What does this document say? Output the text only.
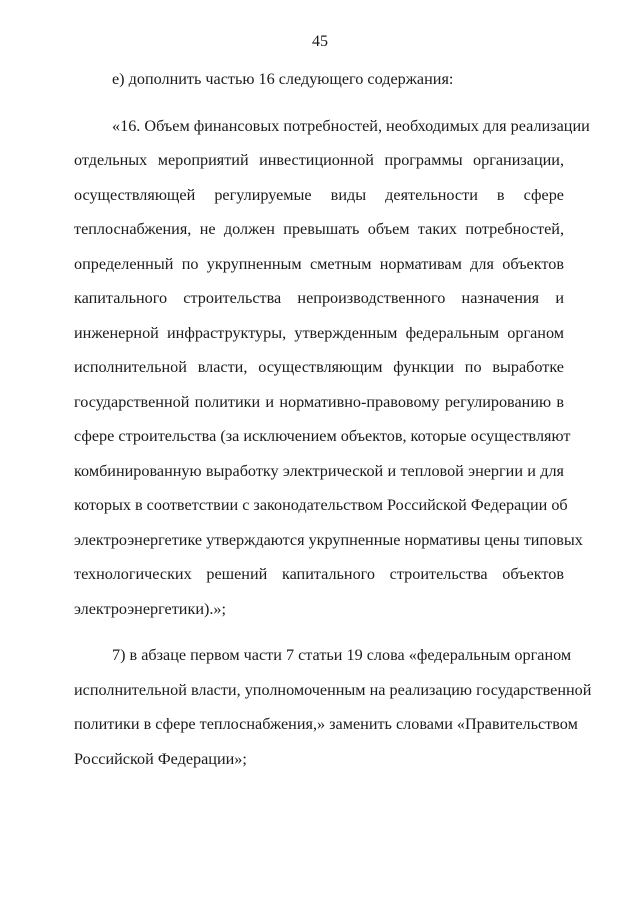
45
е) дополнить частью 16 следующего содержания:
«16. Объем финансовых потребностей, необходимых для реализации
отдельных мероприятий инвестиционной программы организации,
осуществляющей регулируемые виды деятельности в сфере
теплоснабжения, не должен превышать объем таких потребностей,
определенный по укрупненным сметным нормативам для объектов
капитального строительства непроизводственного назначения и
инженерной инфраструктуры, утвержденным федеральным органом
исполнительной власти, осуществляющим функции по выработке
государственной политики и нормативно-правовому регулированию в
сфере строительства (за исключением объектов, которые осуществляют
комбинированную выработку электрической и тепловой энергии и для
которых в соответствии с законодательством Российской Федерации об
электроэнергетике утверждаются укрупненные нормативы цены типовых
технологических решений капитального строительства объектов
электроэнергетики).»;
7) в абзаце первом части 7 статьи 19 слова «федеральным органом
исполнительной власти, уполномоченным на реализацию государственной
политики в сфере теплоснабжения,» заменить словами «Правительством
Российской Федерации»;
